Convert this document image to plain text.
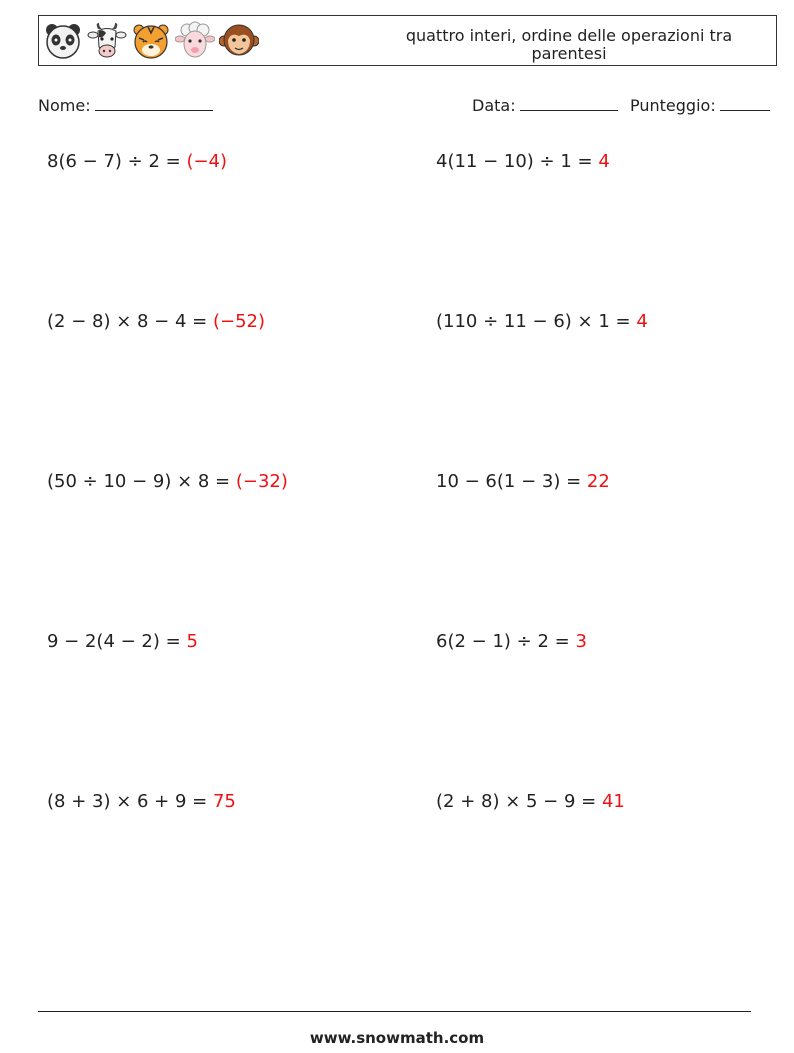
quattro interi, ordine delle operazioni tra parentesi
Nome:	Data:	Punteggio:
8(6 − 7) ÷ 2 = (−4)	4(11 − 10) ÷ 1 = 4
(2 − 8) × 8 − 4 = (−52)	(110 ÷ 11 − 6) × 1 = 4
(50 ÷ 10 − 9) × 8 = (−32)	10 − 6(1 − 3) = 22
9 − 2(4 − 2) = 5	6(2 − 1) ÷ 2 = 3
(8 + 3) × 6 + 9 = 75	(2 + 8) × 5 − 9 = 41
www.snowmath.com
